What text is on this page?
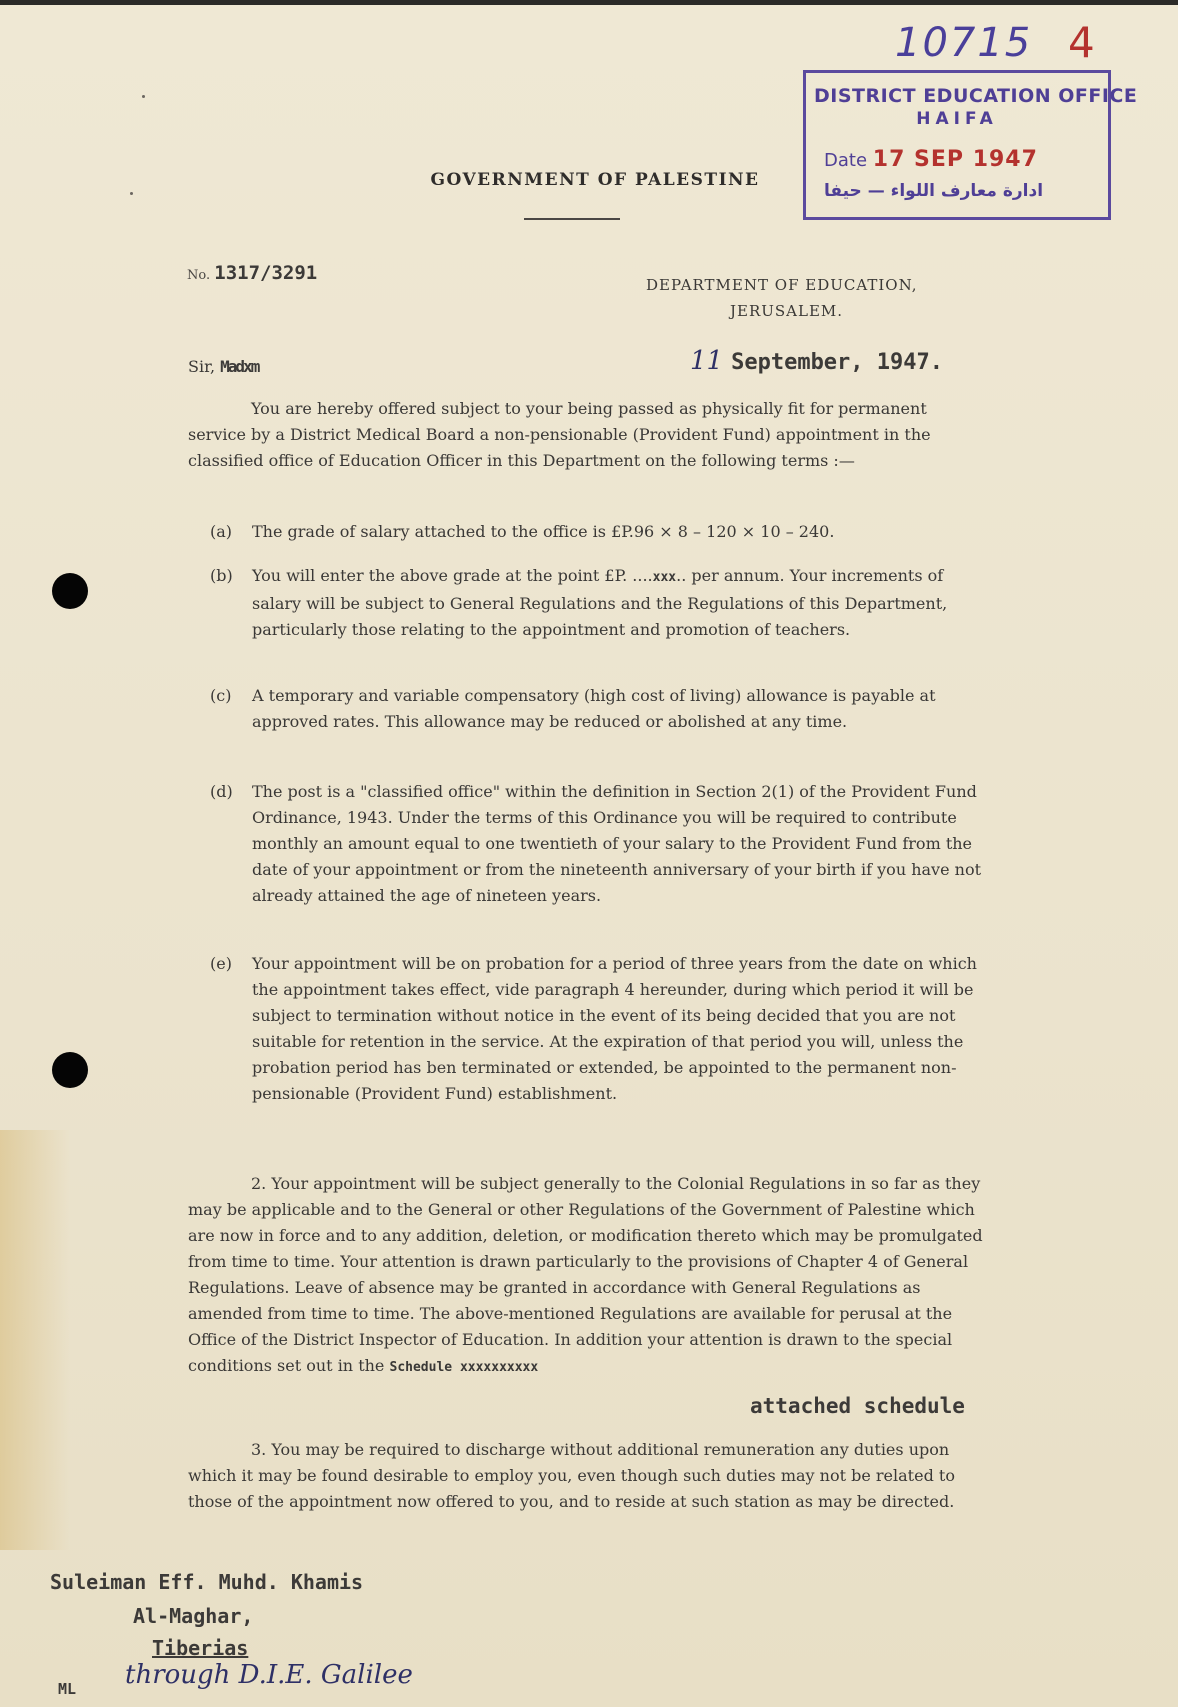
10715 4
DISTRICT EDUCATION OFFICE
HAIFA
Date 17 SEP 1947
ادارة معارف اللواء — حيفا
GOVERNMENT OF PALESTINE
No. 1317/3291
DEPARTMENT OF EDUCATION,
JERUSALEM.
Sir, Madxm	11 September, 1947.

You are hereby offered subject to your being passed as physically fit for permanent service by a District Medical Board a non-pensionable (Provident Fund) appointment in the classified office of Education Officer in this Department on the following terms :—

(a) The grade of salary attached to the office is £P.96 × 8 – 120 × 10 – 240.
(b) You will enter the above grade at the point £P. ....xxx.. per annum. Your increments of salary will be subject to General Regulations and the Regulations of this Department, particularly those relating to the appointment and promotion of teachers.
(c) A temporary and variable compensatory (high cost of living) allowance is payable at approved rates. This allowance may be reduced or abolished at any time.
(d) The post is a "classified office" within the definition in Section 2(1) of the Provident Fund Ordinance, 1943. Under the terms of this Ordinance you will be required to contribute monthly an amount equal to one twentieth of your salary to the Provident Fund from the date of your appointment or from the nineteenth anniversary of your birth if you have not already attained the age of nineteen years.
(e) Your appointment will be on probation for a period of three years from the date on which the appointment takes effect, vide paragraph 4 hereunder, during which period it will be subject to termination without notice in the event of its being decided that you are not suitable for retention in the service. At the expiration of that period you will, unless the probation period has ben terminated or extended, be appointed to the permanent non-pensionable (Provident Fund) establishment.

2. Your appointment will be subject generally to the Colonial Regulations in so far as they may be applicable and to the General or other Regulations of the Government of Palestine which are now in force and to any addition, deletion, or modification thereto which may be promulgated from time to time. Your attention is drawn particularly to the provisions of Chapter 4 of General Regulations. Leave of absence may be granted in accordance with General Regulations as amended from time to time. The above-mentioned Regulations are available for perusal at the Office of the District Inspector of Education. In addition your attention is drawn to the special conditions set out in the Schedule xxxxxxxxxx

attached schedule

3. You may be required to discharge without additional remuneration any duties upon which it may be found desirable to employ you, even though such duties may not be related to those of the appointment now offered to you, and to reside at such station as may be directed.

Suleiman Eff. Muhd. Khamis
Al-Maghar,
Tiberias
ML through D.I.E. Galilee
